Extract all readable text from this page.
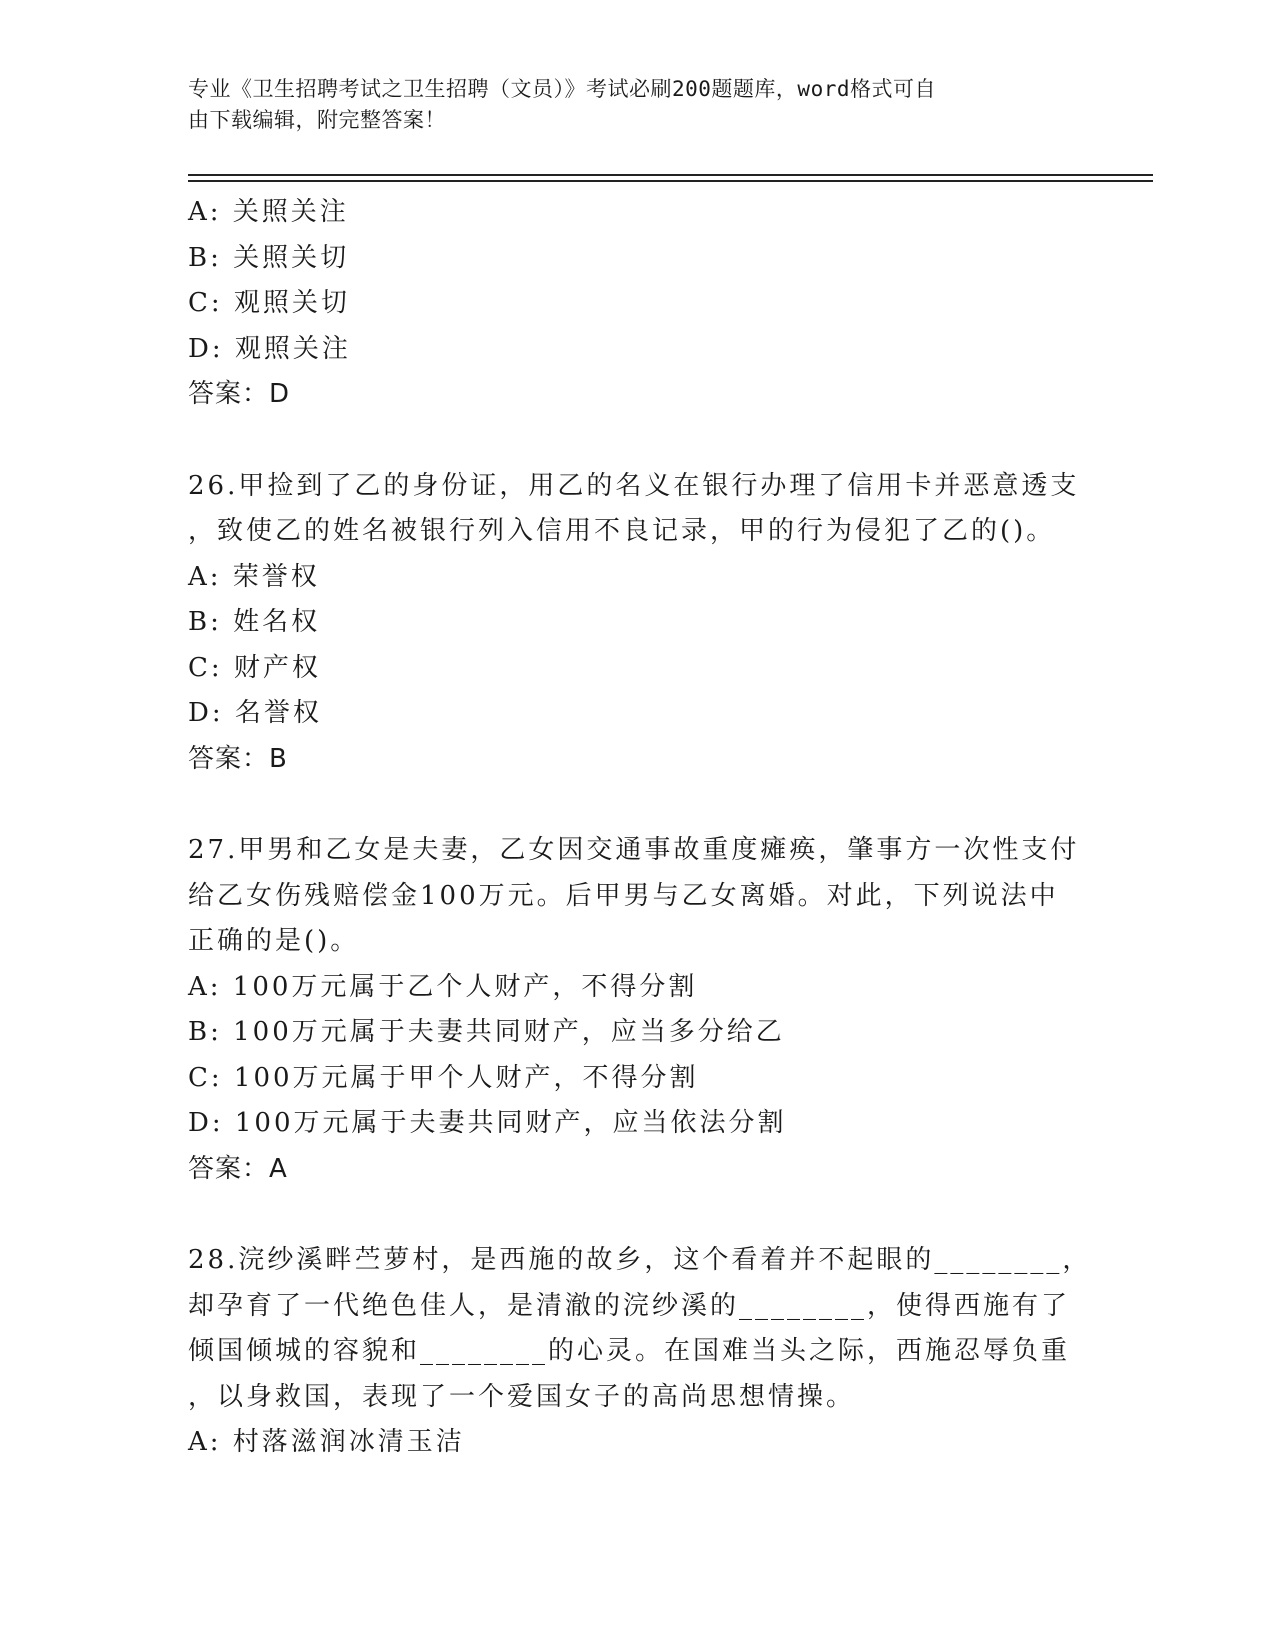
专业《卫生招聘考试之卫生招聘（文员）》考试必刷200题题库，word格式可自
由下载编辑，附完整答案！
A: 关照关注
B: 关照关切
C: 观照关切
D: 观照关注
答案：D
26.甲捡到了乙的身份证，用乙的名义在银行办理了信用卡并恶意透支
，致使乙的姓名被银行列入信用不良记录，甲的行为侵犯了乙的()。
A: 荣誉权
B: 姓名权
C: 财产权
D: 名誉权
答案：B
27.甲男和乙女是夫妻，乙女因交通事故重度瘫痪，肇事方一次性支付
给乙女伤残赔偿金100万元。后甲男与乙女离婚。对此，下列说法中
正确的是()。
A: 100万元属于乙个人财产，不得分割
B: 100万元属于夫妻共同财产，应当多分给乙
C: 100万元属于甲个人财产，不得分割
D: 100万元属于夫妻共同财产，应当依法分割
答案：A
28.浣纱溪畔苎萝村，是西施的故乡，这个看着并不起眼的________，
却孕育了一代绝色佳人，是清澈的浣纱溪的________，使得西施有了
倾国倾城的容貌和________的心灵。在国难当头之际，西施忍辱负重
，以身救国，表现了一个爱国女子的高尚思想情操。
A: 村落滋润冰清玉洁
